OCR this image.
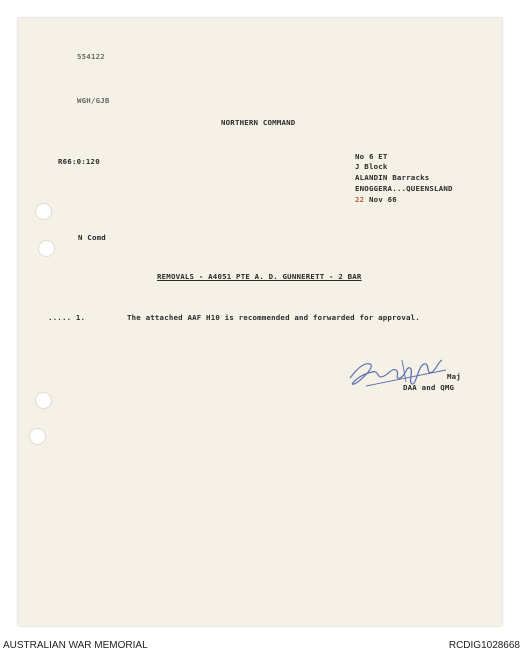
554122
WGH/GJB
NORTHERN COMMAND
R66:0:120
No 6 ET
J Block
ALANDIN Barracks
ENOGGERA...QUEENSLAND
22 Nov 66
N Comd
REMOVALS - A4051 PTE A. D. GUNNERETT - 2 BAR
..... 1.	The attached AAF H10 is recommended and forwarded for approval.
Maj
DAA and QMG
AUSTRALIAN WAR MEMORIAL	RCDIG1028668
